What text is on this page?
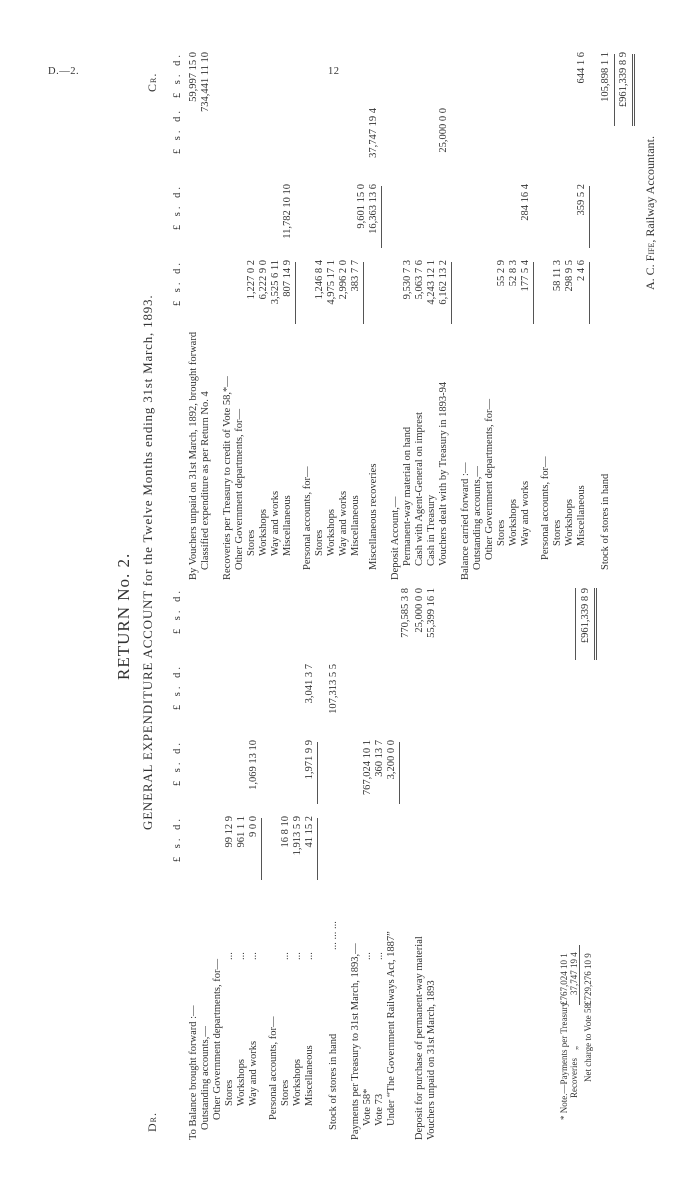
D.—2.	12
RETURN No. 2. GENERAL EXPENDITURE ACCOUNT for the Twelve Months ending 31st March, 1893.
Dr.
Cr.
£ s. d.
£ s. d.
£ s. d.
£ s. d.
£ s. d.
£ s. d.
£ s. d.
£ s. d.
To Balance brought forward :— Outstanding accounts,— Other Government departments, for— Stores
...
99 12 9
Workshops
...
961 1 1
Way and works
...
9 0 0
1,069 13 10
Personal accounts, for— Stores
...
16 8 10
Workshops
...
1,913 5 9
Miscellaneous
...
41 15 2
1,971 9 9
3,041 3 7
Stock of stores in hand
... ... ...
107,313 5 5
Payments per Treasury to 31st March, 1893,— Vote 58*
...
767,024 10 1
Vote 73
...
360 13 7
Under “The Government Railways Act, 1887”
3,200 0 0
770,585 3 8
Deposit for purchase of permanent-way material
25,000 0 0
Vouchers unpaid on 31st March, 1893
55,399 16 1	£961,339 8 9
* Note.—Payments per Treasury
£767,024 10 1
Recoveries
„
37,747 19 4
Net charge to Vote 58
£729,276 10 9
By Vouchers unpaid on 31st March, 1892, brought forward
59,997 15 0
Classified expenditure as per Return No. 4
734,441 11 10
Recoveries per Treasury to credit of Vote 58,*— Other Government departments, for— Stores
1,227 0 2
Workshops
6,222 9 0
Way and works
3,525 6 11
Miscellaneous
807 14 9
11,782 10 10
Personal accounts, for— Stores
1,246 8 4
Workshops
4,975 17 1
Way and works
2,996 2 0
Miscellaneous
383 7 7
9,601 15 0
Miscellaneous recoveries
16,363 13 6
37,747 19 4
Deposit Account,— Permanent-way material on hand
9,530 7 3
Cash with Agent-General on imprest
5,063 7 6
Cash in Treasury
4,243 12 1
Vouchers dealt with by Treasury in 1893-94
6,162 13 2
25,000 0 0
Balance carried forward :— Outstanding accounts,— Other Government departments, for— Stores
55 2 9
Workshops
52 8 3
Way and works
177 5 4
284 16 4
Personal accounts, for— Stores
58 11 3
Workshops
298 9 5
Miscellaneous
2 4 6
359 5 2
644 1 6
Stock of stores in hand
105,898 1 1 £961,339 8 9
A. C. Fife, Railway Accountant.
